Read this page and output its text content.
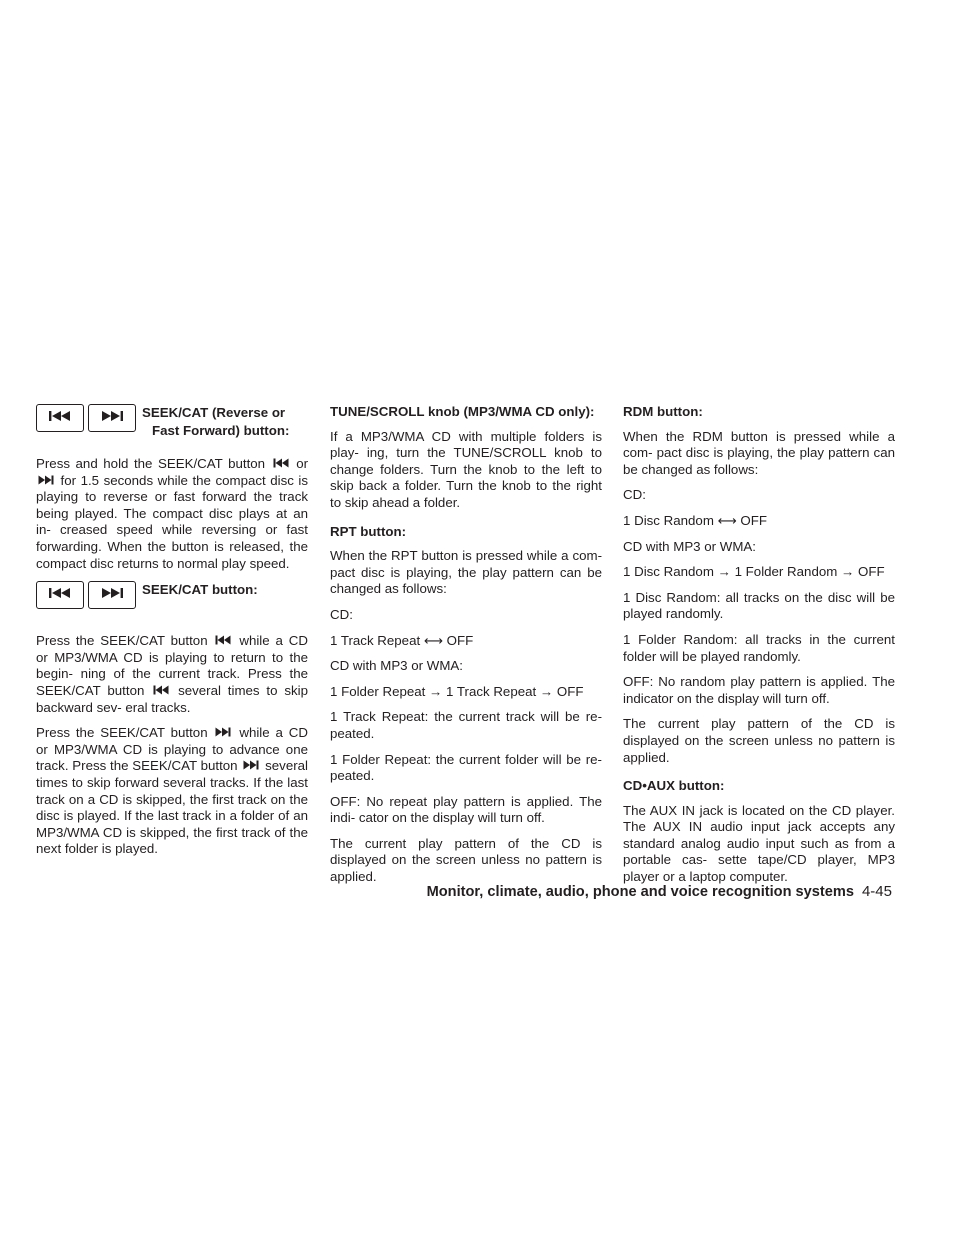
SEEK/CAT (Reverse or
Fast Forward) button:

Press and hold the SEEK/CAT button or
for 1.5 seconds while the compact disc is playing to reverse or fast forward the track being played. The compact disc plays at an in- creased speed while reversing or fast forwarding. When the button is released, the compact disc returns to normal play speed.

SEEK/CAT button:

Press the SEEK/CAT button while a CD or MP3/WMA CD is playing to return to the begin- ning of the current track. Press the SEEK/CAT button	several times to skip backward sev- eral tracks.

Press the SEEK/CAT button while a CD or MP3/WMA CD is playing to advance one track. Press the SEEK/CAT button several times to skip forward several tracks. If the last track on a CD is skipped, the first track on the disc is played. If the last track in a folder of an MP3/WMA CD is skipped, the first track of the next folder is played.

TUNE/SCROLL knob (MP3/WMA CD only):

If a MP3/WMA CD with multiple folders is play- ing, turn the TUNE/SCROLL knob to change folders. Turn the knob to the left to skip back a folder. Turn the knob to the right to skip ahead a folder.

RPT button:

When the RPT button is pressed while a com- pact disc is playing, the play pattern can be changed as follows:

CD:

1 Track Repeat ⟷ OFF

CD with MP3 or WMA:

1 Folder Repeat → 1 Track Repeat → OFF

1 Track Repeat: the current track will be re- peated.

1 Folder Repeat: the current folder will be re- peated.

OFF: No repeat play pattern is applied. The indi- cator on the display will turn off.

The current play pattern of the CD is displayed on the screen unless no pattern is applied.

RDM button:

When the RDM button is pressed while a com- pact disc is playing, the play pattern can be changed as follows:

CD:

1 Disc Random ⟷ OFF

CD with MP3 or WMA:

1 Disc Random → 1 Folder Random → OFF

1 Disc Random: all tracks on the disc will be played randomly.

1 Folder Random: all tracks in the current folder will be played randomly.

OFF: No random play pattern is applied. The indicator on the display will turn off.

The current play pattern of the CD is displayed on the screen unless no pattern is applied.

CD•AUX button:

The AUX IN jack is located on the CD player. The AUX IN audio input jack accepts any standard analog audio input such as from a portable cas- sette tape/CD player, MP3 player or a laptop computer.

Monitor, climate, audio, phone and voice recognition systems 4-45
